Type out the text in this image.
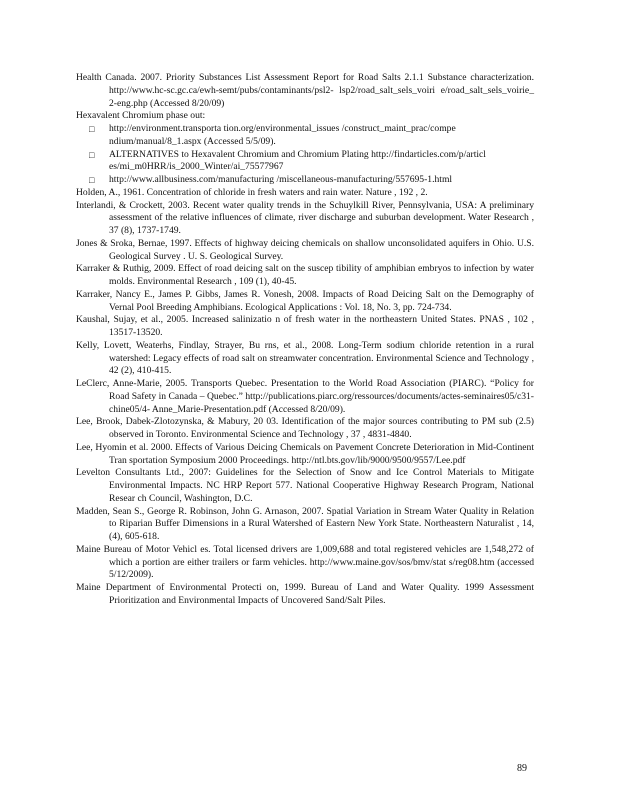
Health Canada. 2007. Priority Substances List Assessment Report for Road Salts 2.1.1 Substance characterization. http://www.hc-sc.gc.ca/ewh-semt/pubs/contaminants/psl2- lsp2/road_salt_sels_voiri e/road_salt_sels_voirie_ 2-eng.php (Accessed 8/20/09)

Hexavalent Chromium phase out:

□ http://environment.transporta tion.org/environmental_issues /construct_maint_prac/compe ndium/manual/8_1.aspx (Accessed 5/5/09).

□ ALTERNATIVES to Hexavalent Chromium and Chromium Plating http://findarticles.com/p/articl es/mi_m0HRR/is_2000_Winter/ai_75577967

□ http://www.allbusiness.com/manufacturing /miscellaneous-manufacturing/557695-1.html

Holden, A., 1961. Concentration of chloride in fresh waters and rain water. Nature , 192 , 2.

Interlandi, & Crockett, 2003. Recent water quality trends in the Schuylkill River, Pennsylvania, USA: A preliminary assessment of the relative influences of climate, river discharge and suburban development. Water Research , 37 (8), 1737-1749.

Jones & Sroka, Bernae, 1997. Effects of highway deicing chemicals on shallow unconsolidated aquifers in Ohio. U.S. Geological Survey . U. S. Geological Survey.

Karraker & Ruthig, 2009. Effect of road deicing salt on the suscep tibility of amphibian embryos to infection by water molds. Environmental Research , 109 (1), 40-45.

Karraker, Nancy E., James P. Gibbs, James R. Vonesh, 2008. Impacts of Road Deicing Salt on the Demography of Vernal Pool Breeding Amphibians. Ecological Applications : Vol. 18, No. 3, pp. 724-734.

Kaushal, Sujay, et al., 2005. Increased salinizatio n of fresh water in the northeastern United States. PNAS , 102 , 13517-13520.

Kelly, Lovett, Weaterhs, Findlay, Strayer, Bu rns, et al., 2008. Long-Term sodium chloride retention in a rural watershed: Legacy effects of road salt on streamwater concentration. Environmental Science and Technology , 42 (2), 410-415.

LeClerc, Anne-Marie, 2005. Transports Quebec. Presentation to the World Road Association (PIARC). “Policy for Road Safety in Canada – Quebec.” http://publications.piarc.org/ressources/documents/actes-seminaires05/c31-chine05/4- Anne_Marie-Presentation.pdf (Accessed 8/20/09).

Lee, Brook, Dabek-Zlotozynska, & Mabury, 20 03. Identification of the major sources contributing to PM sub (2.5) observed in Toronto. Environmental Science and Technology , 37 , 4831-4840.

Lee, Hyomin et al. 2000. Effects of Various Deicing Chemicals on Pavement Concrete Deterioration in Mid-Continent Tran sportation Symposium 2000 Proceedings. http://ntl.bts.gov/lib/9000/9500/9557/Lee.pdf

Levelton Consultants Ltd., 2007: Guidelines for the Selection of Snow and Ice Control Materials to Mitigate Environmental Impacts. NC HRP Report 577. National Cooperative Highway Research Program, National Resear ch Council, Washington, D.C.

Madden, Sean S., George R. Robinson, John G. Arnason, 2007. Spatial Variation in Stream Water Quality in Relation to Riparian Buffer Dimensions in a Rural Watershed of Eastern New York State. Northeastern Naturalist , 14, (4), 605-618.

Maine Bureau of Motor Vehicl es. Total licensed drivers are 1,009,688 and total registered vehicles are 1,548,272 of which a portion are either trailers or farm vehicles. http://www.maine.gov/sos/bmv/stat s/reg08.htm (accessed 5/12/2009).

Maine Department of Environmental Protecti on, 1999. Bureau of Land and Water Quality. 1999 Assessment Prioritization and Environmental Impacts of Uncovered Sand/Salt Piles.

89
